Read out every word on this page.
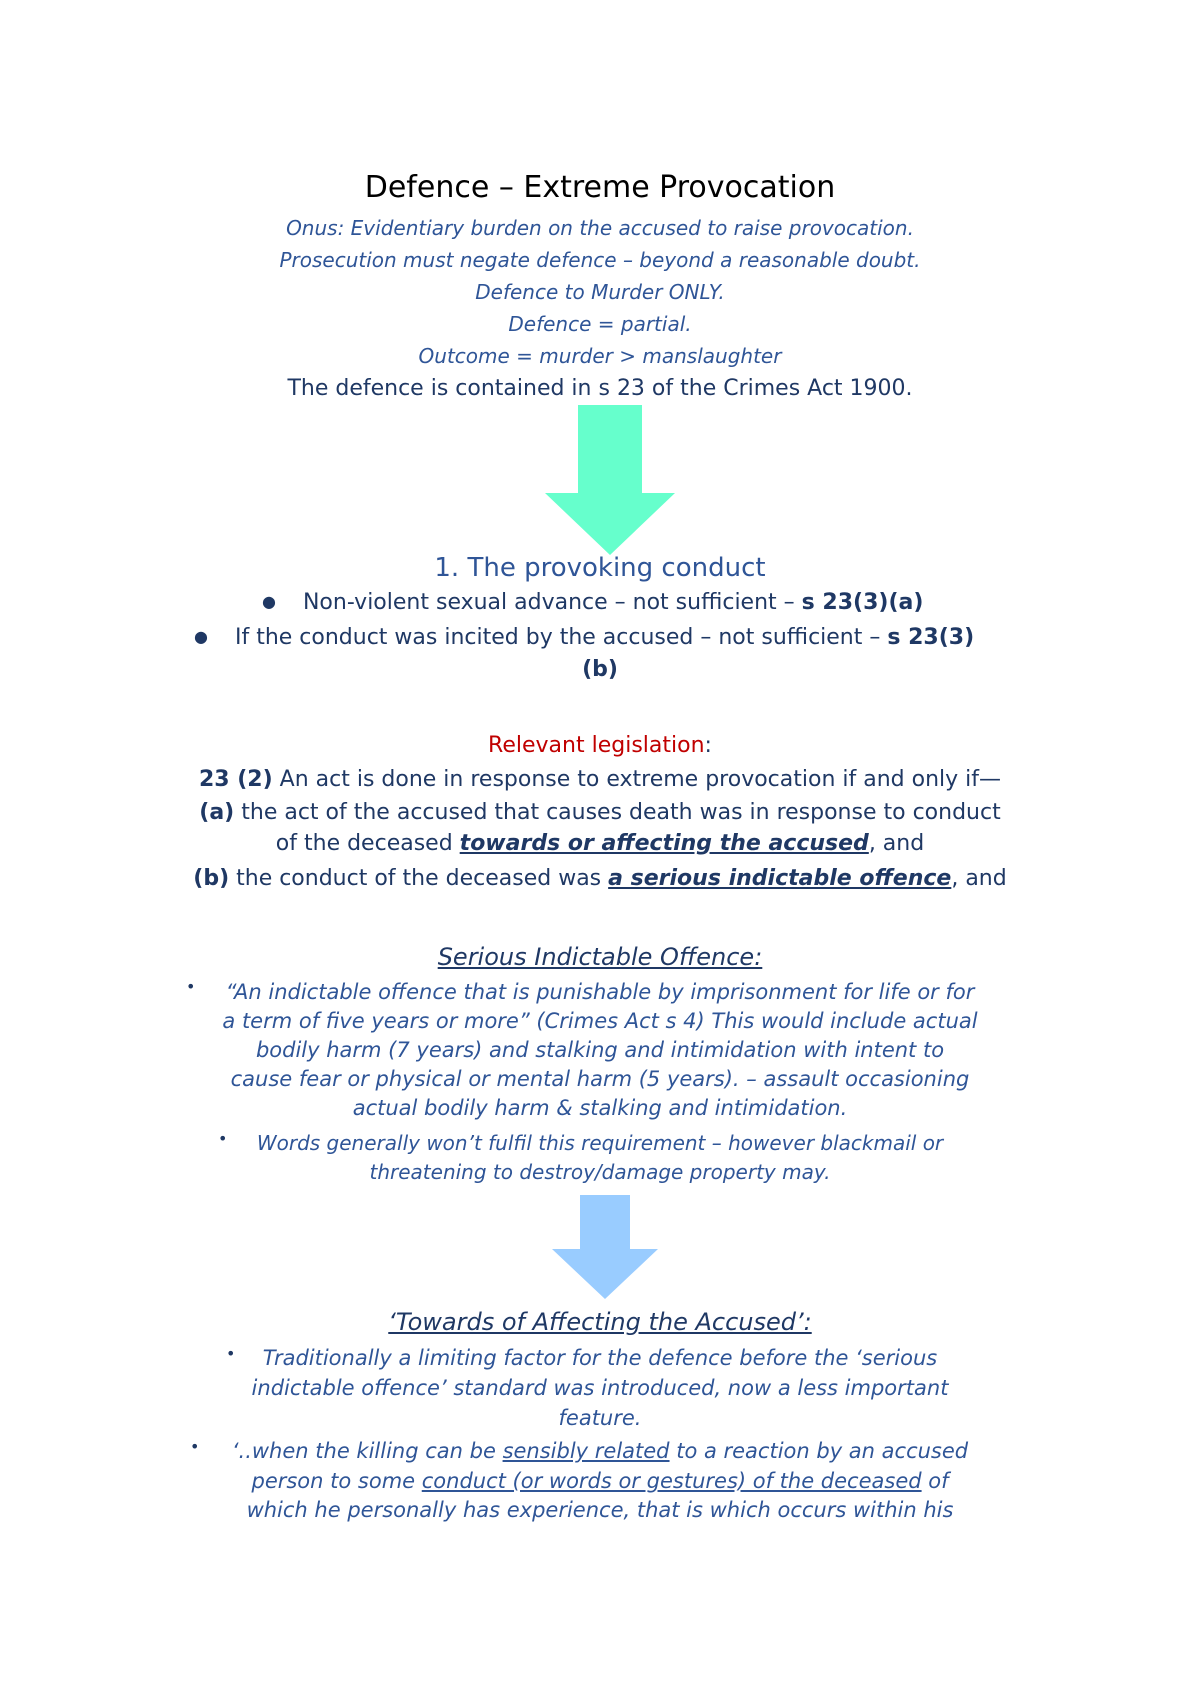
Defence – Extreme Provocation
Onus: Evidentiary burden on the accused to raise provocation.
Prosecution must negate defence – beyond a reasonable doubt.
Defence to Murder ONLY.
Defence = partial.
Outcome = murder > manslaughter
The defence is contained in s 23 of the Crimes Act 1900.
1. The provoking conduct
● Non-violent sexual advance – not sufficient – s 23(3)(a)
● If the conduct was incited by the accused – not sufficient – s 23(3)
(b)
Relevant legislation:
23 (2) An act is done in response to extreme provocation if and only if—
(a) the act of the accused that causes death was in response to conduct
of the deceased towards or affecting the accused, and
(b) the conduct of the deceased was a serious indictable offence, and
Serious Indictable Offence:
•	“An indictable offence that is punishable by imprisonment for life or for
a term of five years or more” (Crimes Act s 4) This would include actual
bodily harm (7 years) and stalking and intimidation with intent to
cause fear or physical or mental harm (5 years). – assault occasioning
actual bodily harm & stalking and intimidation.
•	Words generally won’t fulfil this requirement – however blackmail or
threatening to destroy/damage property may.
‘Towards of Affecting the Accused’:
•	Traditionally a limiting factor for the defence before the ‘serious
indictable offence’ standard was introduced, now a less important
feature.
•	‘..when the killing can be sensibly related to a reaction by an accused
person to some conduct (or words or gestures) of the deceased of
which he personally has experience, that is which occurs within his
